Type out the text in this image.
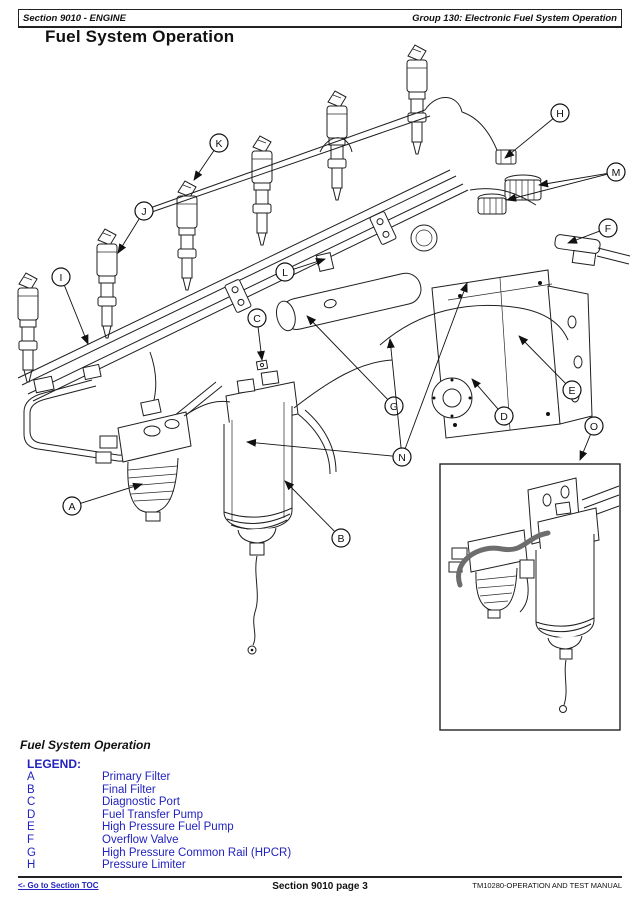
Section 9010 - ENGINE	Group 130: Electronic Fuel System Operation
Fuel System Operation
A
B
C
D
E
F
G
H
I
J
K
L
M
N
O
Fuel System Operation
LEGEND:
A	Primary Filter
B	Final Filter
C	Diagnostic Port
D	Fuel Transfer Pump
E	High Pressure Fuel Pump
F	Overflow Valve
G	High Pressure Common Rail (HPCR)
H	Pressure Limiter
<- Go to Section TOC	Section 9010 page 3	TM10280-OPERATION AND TEST MANUAL
